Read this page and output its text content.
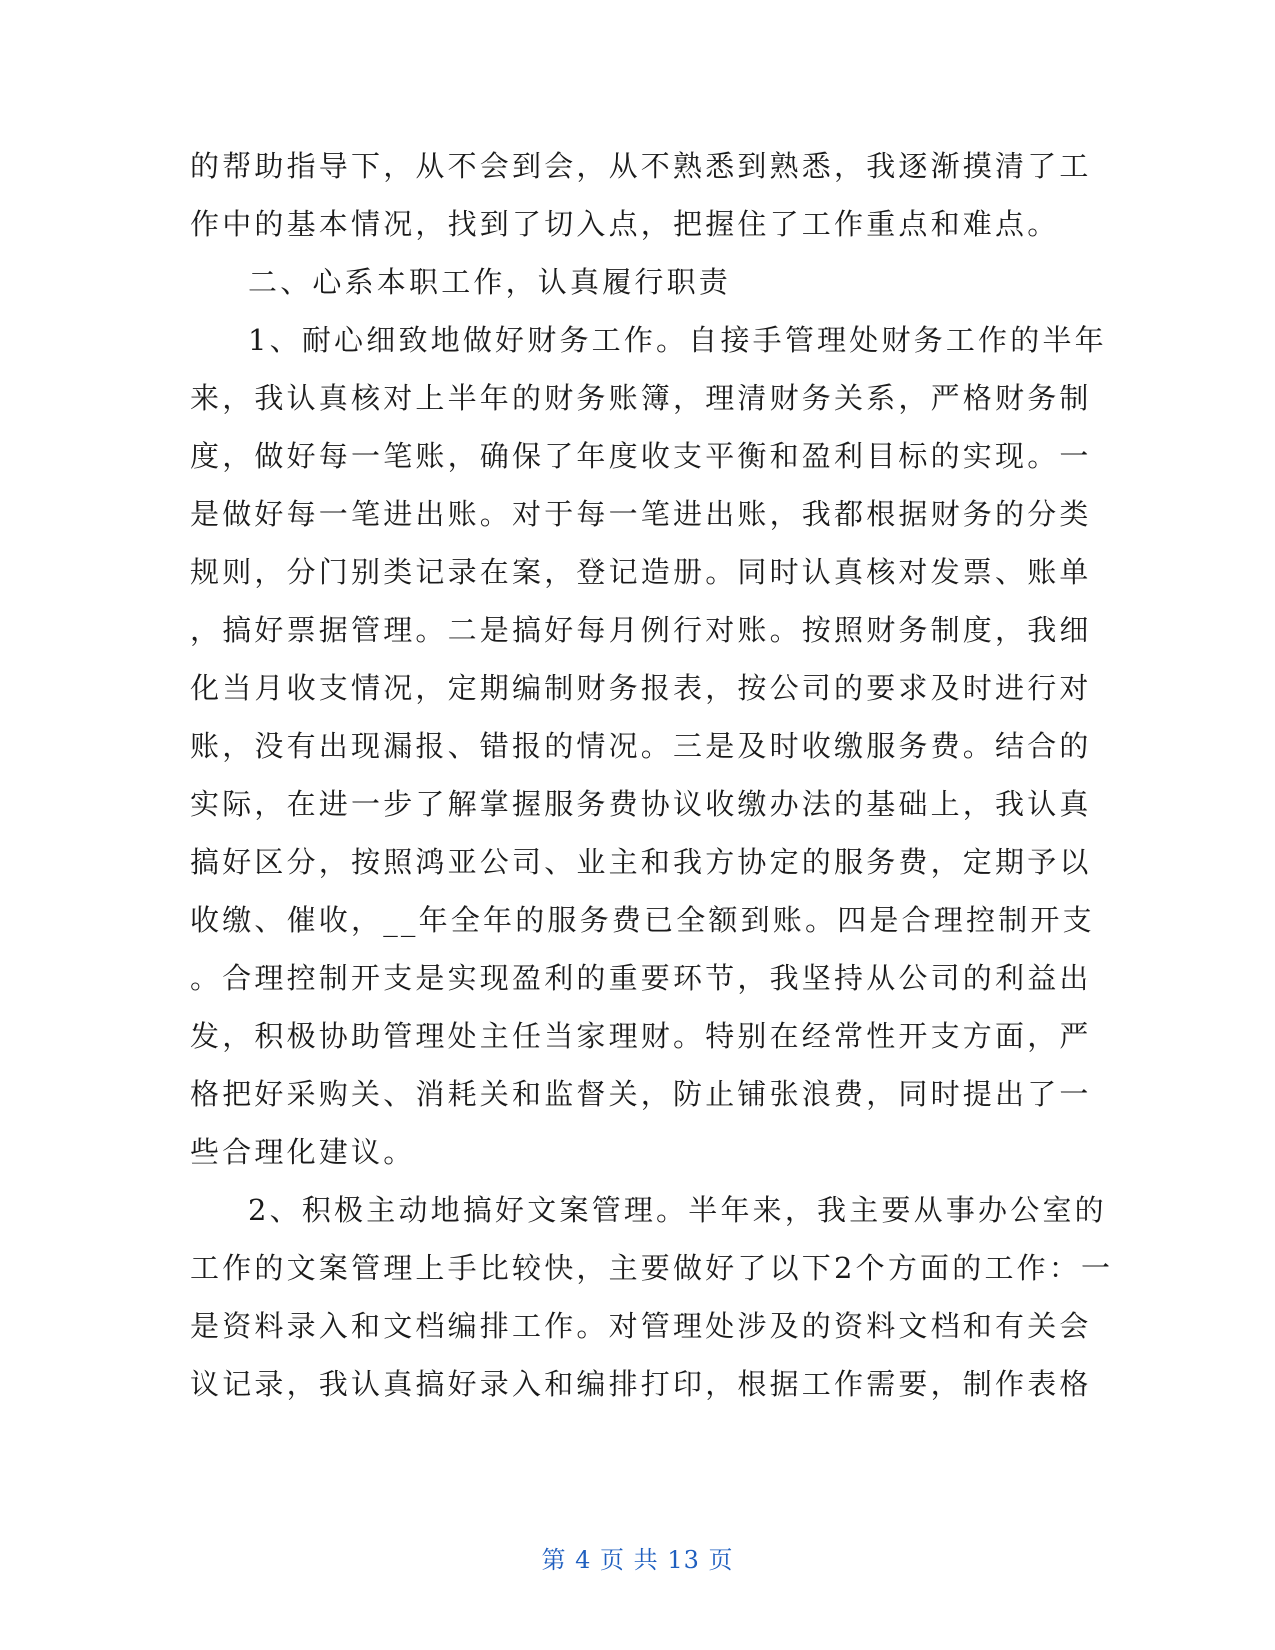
的帮助指导下，从不会到会，从不熟悉到熟悉，我逐渐摸清了工
作中的基本情况，找到了切入点，把握住了工作重点和难点。
二、心系本职工作，认真履行职责
1、耐心细致地做好财务工作。自接手管理处财务工作的半年
来，我认真核对上半年的财务账簿，理清财务关系，严格财务制
度，做好每一笔账，确保了年度收支平衡和盈利目标的实现。一
是做好每一笔进出账。对于每一笔进出账，我都根据财务的分类
规则，分门别类记录在案，登记造册。同时认真核对发票、账单
，搞好票据管理。二是搞好每月例行对账。按照财务制度，我细
化当月收支情况，定期编制财务报表，按公司的要求及时进行对
账，没有出现漏报、错报的情况。三是及时收缴服务费。结合的
实际，在进一步了解掌握服务费协议收缴办法的基础上，我认真
搞好区分，按照鸿亚公司、业主和我方协定的服务费，定期予以
收缴、催收，__年全年的服务费已全额到账。四是合理控制开支
。合理控制开支是实现盈利的重要环节，我坚持从公司的利益出
发，积极协助管理处主任当家理财。特别在经常性开支方面，严
格把好采购关、消耗关和监督关，防止铺张浪费，同时提出了一
些合理化建议。
2、积极主动地搞好文案管理。半年来，我主要从事办公室的
工作的文案管理上手比较快，主要做好了以下2个方面的工作：一
是资料录入和文档编排工作。对管理处涉及的资料文档和有关会
议记录，我认真搞好录入和编排打印，根据工作需要，制作表格
第 4 页 共 13 页
